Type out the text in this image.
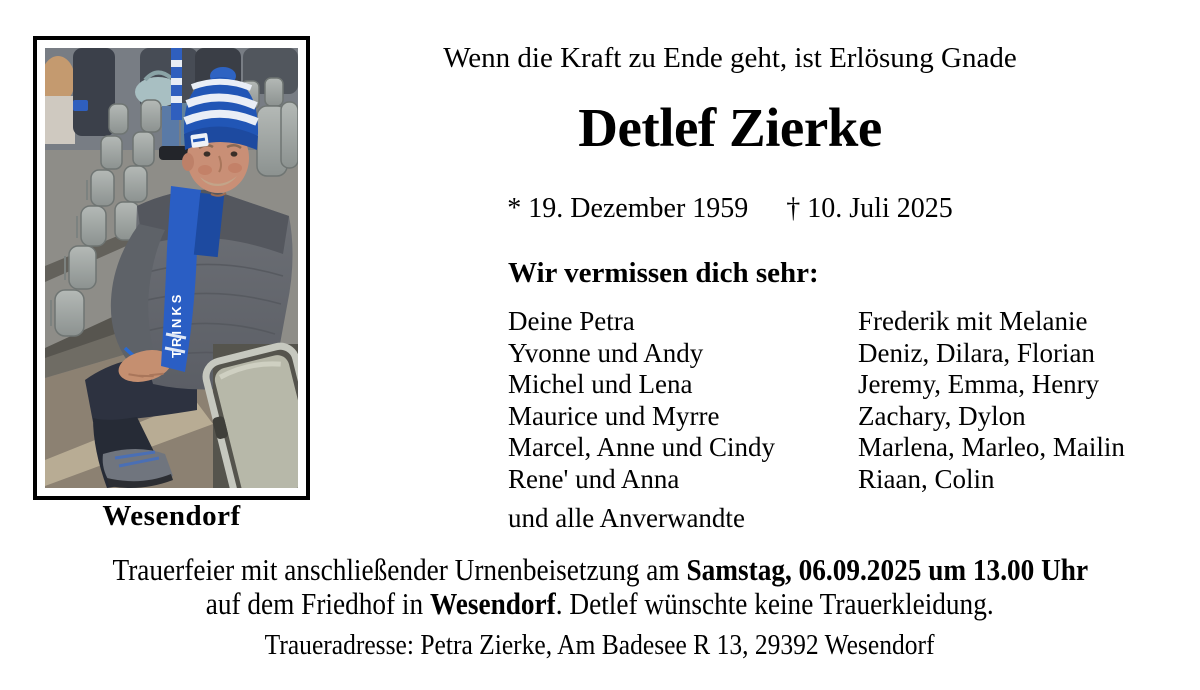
TRINKS
Wesendorf
Wenn die Kraft zu Ende geht, ist Erlösung Gnade
Detlef Zierke
* 19. Dezember 1959 † 10. Juli 2025
Wir vermissen dich sehr:
Deine Petra
Yvonne und Andy
Michel und Lena
Maurice und Myrre
Marcel, Anne und Cindy
Rene' und Anna
Frederik mit Melanie
Deniz, Dilara, Florian
Jeremy, Emma, Henry
Zachary, Dylon
Marlena, Marleo, Mailin
Riaan, Colin
und alle Anverwandte
Trauerfeier mit anschließender Urnenbeisetzung am Samstag, 06.09.2025 um 13.00 Uhr
auf dem Friedhof in Wesendorf. Detlef wünschte keine Trauerkleidung.
Traueradresse: Petra Zierke, Am Badesee R 13, 29392 Wesendorf
